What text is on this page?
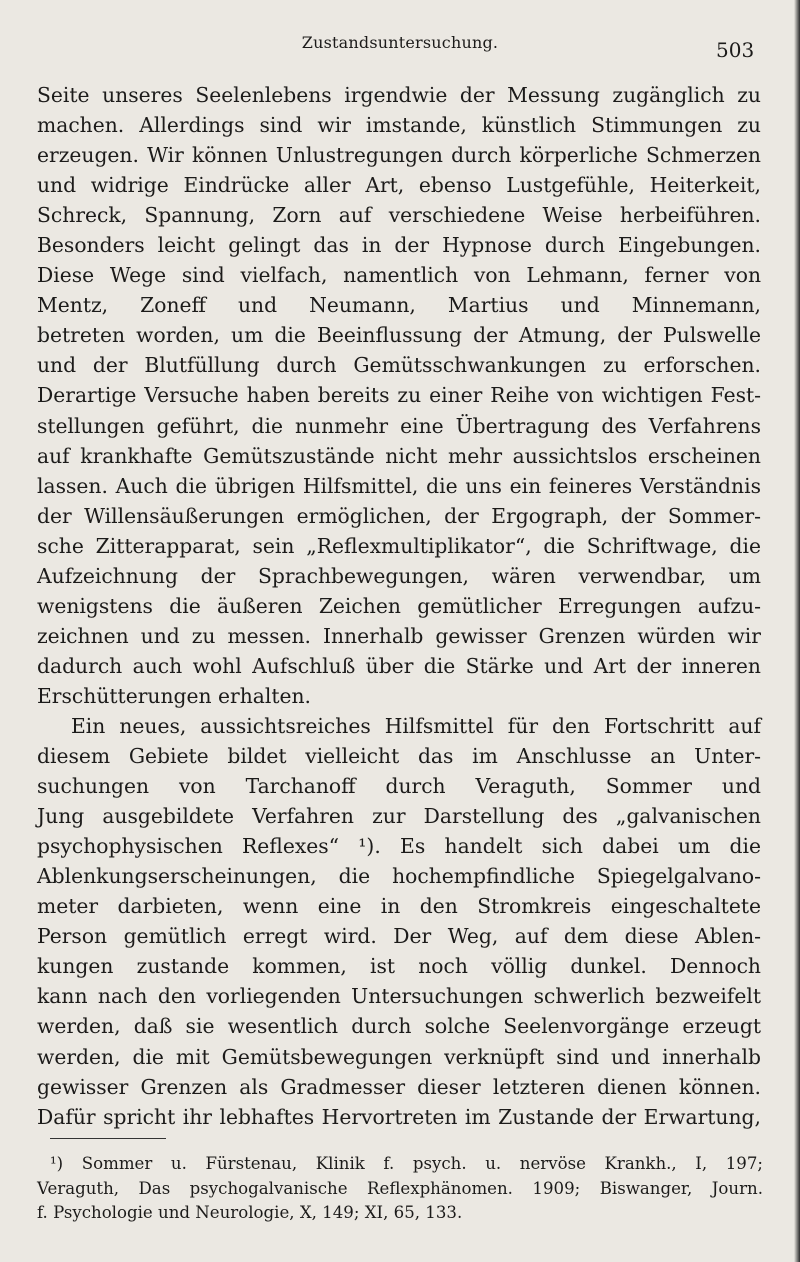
Zustandsuntersuchung.	503
Seite unseres Seelenlebens irgendwie der Messung zugänglich zu
machen. Allerdings sind wir imstande, künstlich Stimmungen zu
erzeugen. Wir können Unlustregungen durch körperliche Schmerzen
und widrige Eindrücke aller Art, ebenso Lustgefühle, Heiterkeit,
Schreck, Spannung, Zorn auf verschiedene Weise herbeiführen.
Besonders leicht gelingt das in der Hypnose durch Eingebungen.
Diese Wege sind vielfach, namentlich von Lehmann, ferner von
Mentz, Zoneff und Neumann, Martius und Minnemann,
betreten worden, um die Beeinflussung der Atmung, der Pulswelle
und der Blutfüllung durch Gemütsschwankungen zu erforschen.
Derartige Versuche haben bereits zu einer Reihe von wichtigen Fest-
stellungen geführt, die nunmehr eine Übertragung des Verfahrens
auf krankhafte Gemütszustände nicht mehr aussichtslos erscheinen
lassen. Auch die übrigen Hilfsmittel, die uns ein feineres Verständnis
der Willensäußerungen ermöglichen, der Ergograph, der Sommer-
sche Zitterapparat, sein „Reflexmultiplikator“, die Schriftwage, die
Aufzeichnung der Sprachbewegungen, wären verwendbar, um
wenigstens die äußeren Zeichen gemütlicher Erregungen aufzu-
zeichnen und zu messen. Innerhalb gewisser Grenzen würden wir
dadurch auch wohl Aufschluß über die Stärke und Art der inneren
Erschütterungen erhalten.
Ein neues, aussichtsreiches Hilfsmittel für den Fortschritt auf
diesem Gebiete bildet vielleicht das im Anschlusse an Unter-
suchungen von Tarchanoff durch Veraguth, Sommer und
Jung ausgebildete Verfahren zur Darstellung des „galvanischen
psychophysischen Reflexes“ ¹). Es handelt sich dabei um die
Ablenkungserscheinungen, die hochempfindliche Spiegelgalvano-
meter darbieten, wenn eine in den Stromkreis eingeschaltete
Person gemütlich erregt wird. Der Weg, auf dem diese Ablen-
kungen zustande kommen, ist noch völlig dunkel. Dennoch
kann nach den vorliegenden Untersuchungen schwerlich bezweifelt
werden, daß sie wesentlich durch solche Seelenvorgänge erzeugt
werden, die mit Gemütsbewegungen verknüpft sind und innerhalb
gewisser Grenzen als Gradmesser dieser letzteren dienen können.
Dafür spricht ihr lebhaftes Hervortreten im Zustande der Erwartung,
¹) Sommer u. Fürstenau, Klinik f. psych. u. nervöse Krankh., I, 197;
Veraguth, Das psychogalvanische Reflexphänomen. 1909; Biswanger, Journ.
f. Psychologie und Neurologie, X, 149; XI, 65, 133.
